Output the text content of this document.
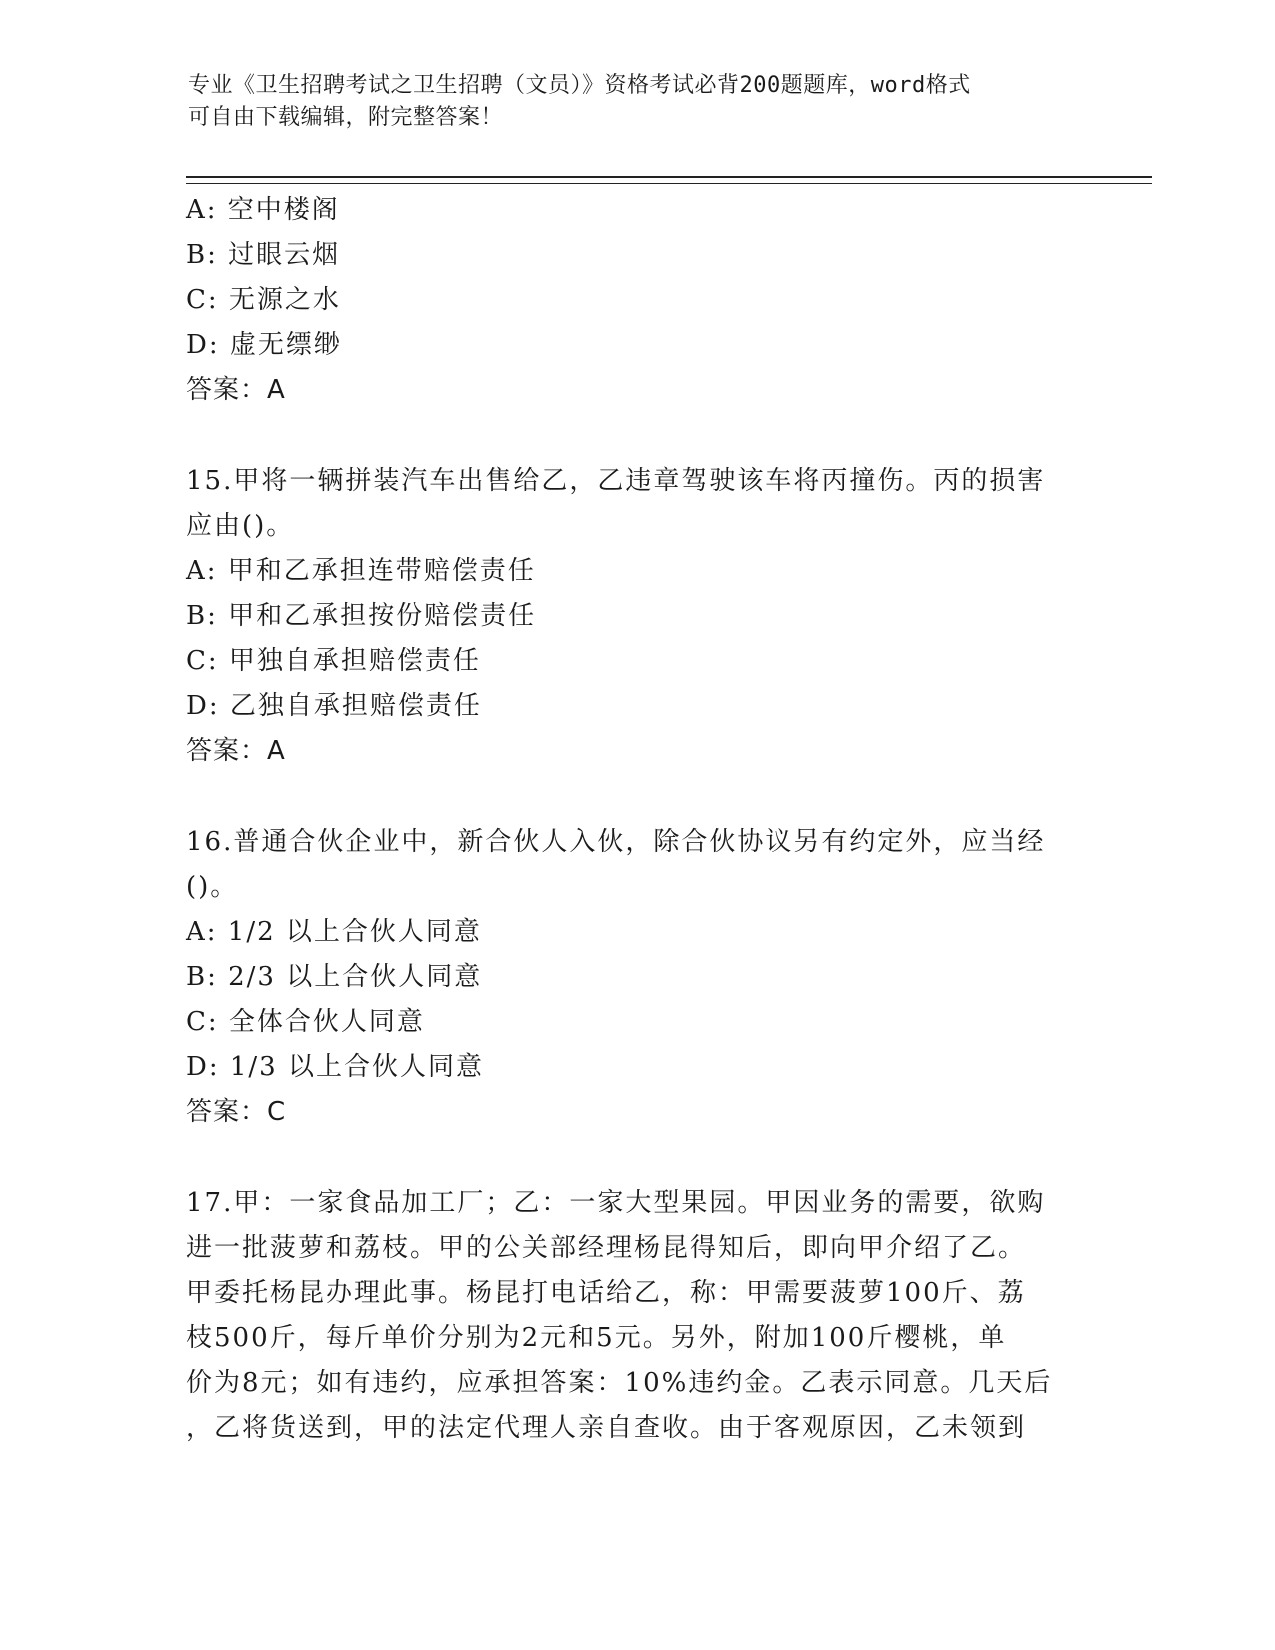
专业《卫生招聘考试之卫生招聘（文员）》资格考试必背200题题库，word格式
可自由下载编辑，附完整答案！
A: 空中楼阁
B: 过眼云烟
C: 无源之水
D: 虚无缥缈
答案：A
15.甲将一辆拼装汽车出售给乙，乙违章驾驶该车将丙撞伤。丙的损害
应由()。
A: 甲和乙承担连带赔偿责任
B: 甲和乙承担按份赔偿责任
C: 甲独自承担赔偿责任
D: 乙独自承担赔偿责任
答案：A
16.普通合伙企业中，新合伙人入伙，除合伙协议另有约定外，应当经
()。
A: 1/2 以上合伙人同意
B: 2/3 以上合伙人同意
C: 全体合伙人同意
D: 1/3 以上合伙人同意
答案：C
17.甲：一家食品加工厂；乙：一家大型果园。甲因业务的需要，欲购
进一批菠萝和荔枝。甲的公关部经理杨昆得知后，即向甲介绍了乙。
甲委托杨昆办理此事。杨昆打电话给乙，称：甲需要菠萝100斤、荔
枝500斤，每斤单价分别为2元和5元。另外，附加100斤樱桃，单
价为8元；如有违约，应承担答案：10%违约金。乙表示同意。几天后
，乙将货送到，甲的法定代理人亲自查收。由于客观原因，乙未领到
